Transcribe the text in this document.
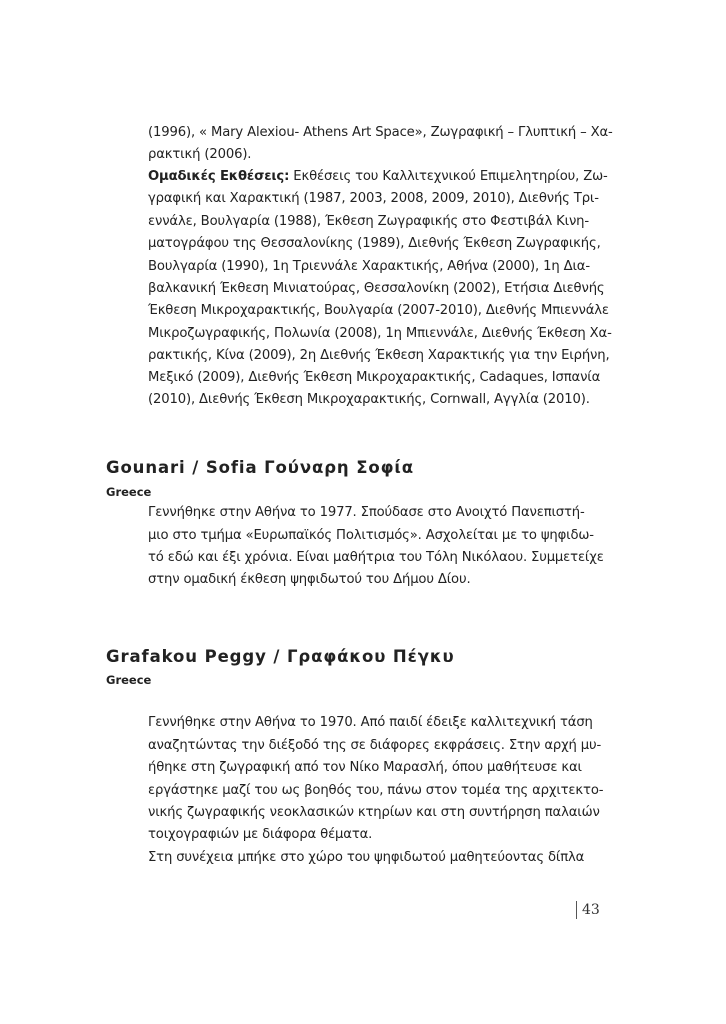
(1996), « Mary Alexiou- Athens Art Space», Ζωγραφική – Γλυπτική – Χα-
ρακτική (2006).
Ομαδικές Εκθέσεις: Εκθέσεις του Καλλιτεχνικού Επιμελητηρίου, Ζω-
γραφική και Χαρακτική (1987, 2003, 2008, 2009, 2010), Διεθνής Τρι-
εννάλε, Βουλγαρία (1988), Έκθεση Ζωγραφικής στο Φεστιβάλ Κινη-
ματογράφου της Θεσσαλονίκης (1989), Διεθνής Έκθεση Ζωγραφικής,
Βουλγαρία (1990), 1η Τριεννάλε Χαρακτικής, Αθήνα (2000), 1η Δια-
βαλκανική Έκθεση Μινιατούρας, Θεσσαλονίκη (2002), Ετήσια Διεθνής
Έκθεση Μικροχαρακτικής, Βουλγαρία (2007-2010), Διεθνής Μπιεννάλε
Μικροζωγραφικής, Πολωνία (2008), 1η Μπιεννάλε, Διεθνής Έκθεση Χα-
ρακτικής, Κίνα (2009), 2η Διεθνής Έκθεση Χαρακτικής για την Ειρήνη,
Μεξικό (2009), Διεθνής Έκθεση Μικροχαρακτικής, Cadaques, Ισπανία
(2010), Διεθνής Έκθεση Μικροχαρακτικής, Cornwall, Αγγλία (2010).
Gounari / Sofia Γούναρη Σοφία
Greece
Γεννήθηκε στην Αθήνα το 1977. Σπούδασε στο Ανοιχτό Πανεπιστή-
μιο στο τμήμα «Ευρωπαϊκός Πολιτισμός». Ασχολείται με το ψηφιδω-
τό εδώ και έξι χρόνια. Είναι μαθήτρια του Τόλη Νικόλαου. Συμμετείχε
στην ομαδική έκθεση ψηφιδωτού του Δήμου Δίου.
Grafakou Peggy / Γραφάκου Πέγκυ
Greece
Γεννήθηκε στην Αθήνα το 1970. Από παιδί έδειξε καλλιτεχνική τάση
αναζητώντας την διέξοδό της σε διάφορες εκφράσεις. Στην αρχή μυ-
ήθηκε στη ζωγραφική από τον Νίκο Μαρασλή, όπου μαθήτευσε και
εργάστηκε μαζί του ως βοηθός του, πάνω στον τομέα της αρχιτεκτο-
νικής ζωγραφικής νεοκλασικών κτηρίων και στη συντήρηση παλαιών
τοιχογραφιών με διάφορα θέματα.
Στη συνέχεια μπήκε στο χώρο του ψηφιδωτού μαθητεύοντας δίπλα
43
